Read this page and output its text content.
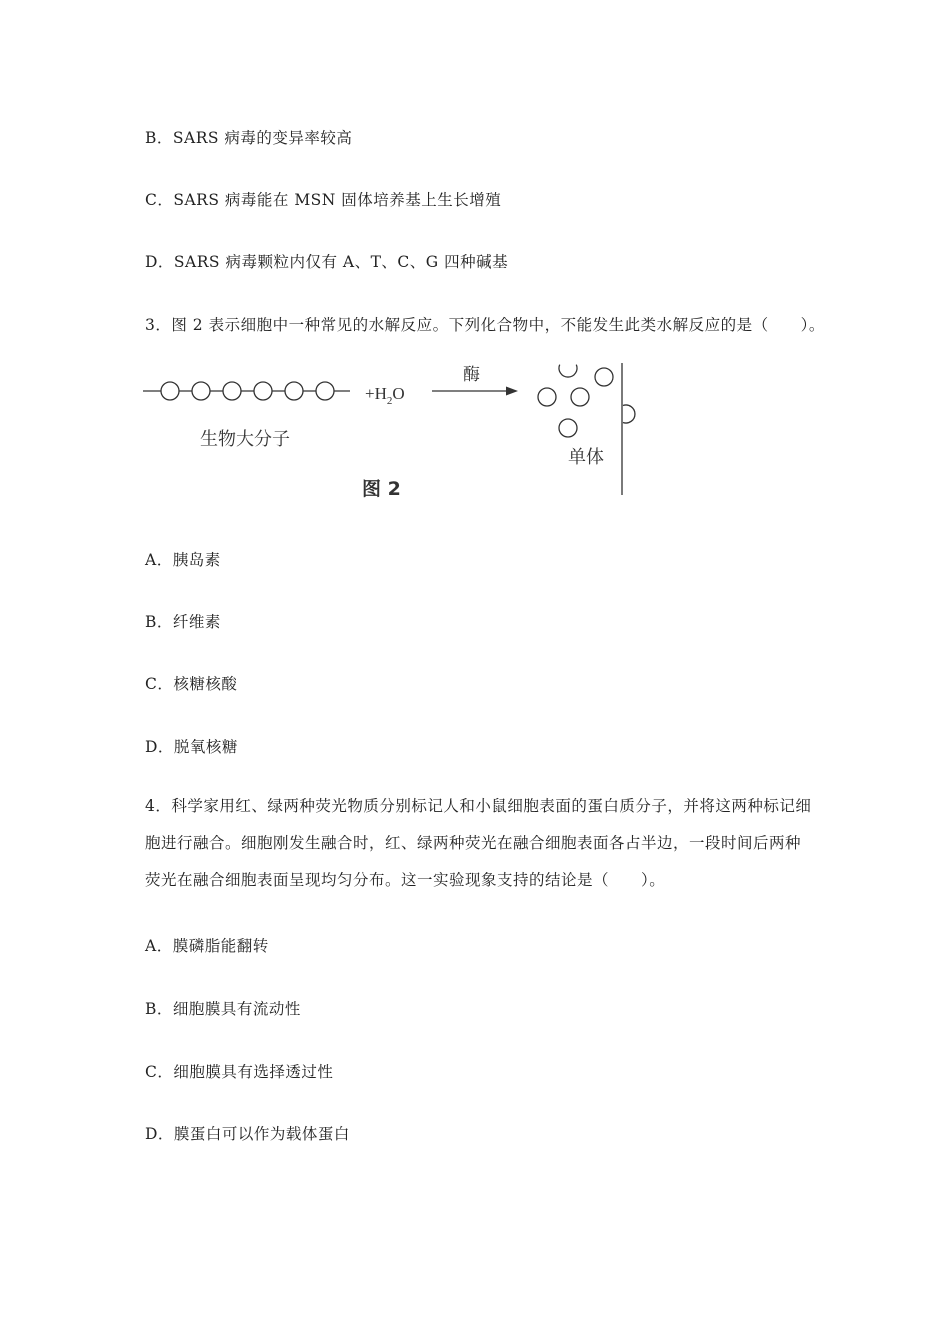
B．SARS 病毒的变异率较高
C．SARS 病毒能在 MSN 固体培养基上生长增殖
D．SARS 病毒颗粒内仅有 A、T、C、G 四种碱基
3．图 2 表示细胞中一种常见的水解反应。下列化合物中，不能发生此类水解反应的是（　　）。
生物大分子
$+H_2O$
酶
单体
图 2
A．胰岛素
B．纤维素
C．核糖核酸
D．脱氧核糖

4．科学家用红、绿两种荧光物质分别标记人和小鼠细胞表面的蛋白质分子，并将这两种标记细胞进行融合。细胞刚发生融合时，红、绿两种荧光在融合细胞表面各占半边，一段时间后两种荧光在融合细胞表面呈现均匀分布。这一实验现象支持的结论是（　　）。

A．膜磷脂能翻转
B．细胞膜具有流动性
C．细胞膜具有选择透过性
D．膜蛋白可以作为载体蛋白
